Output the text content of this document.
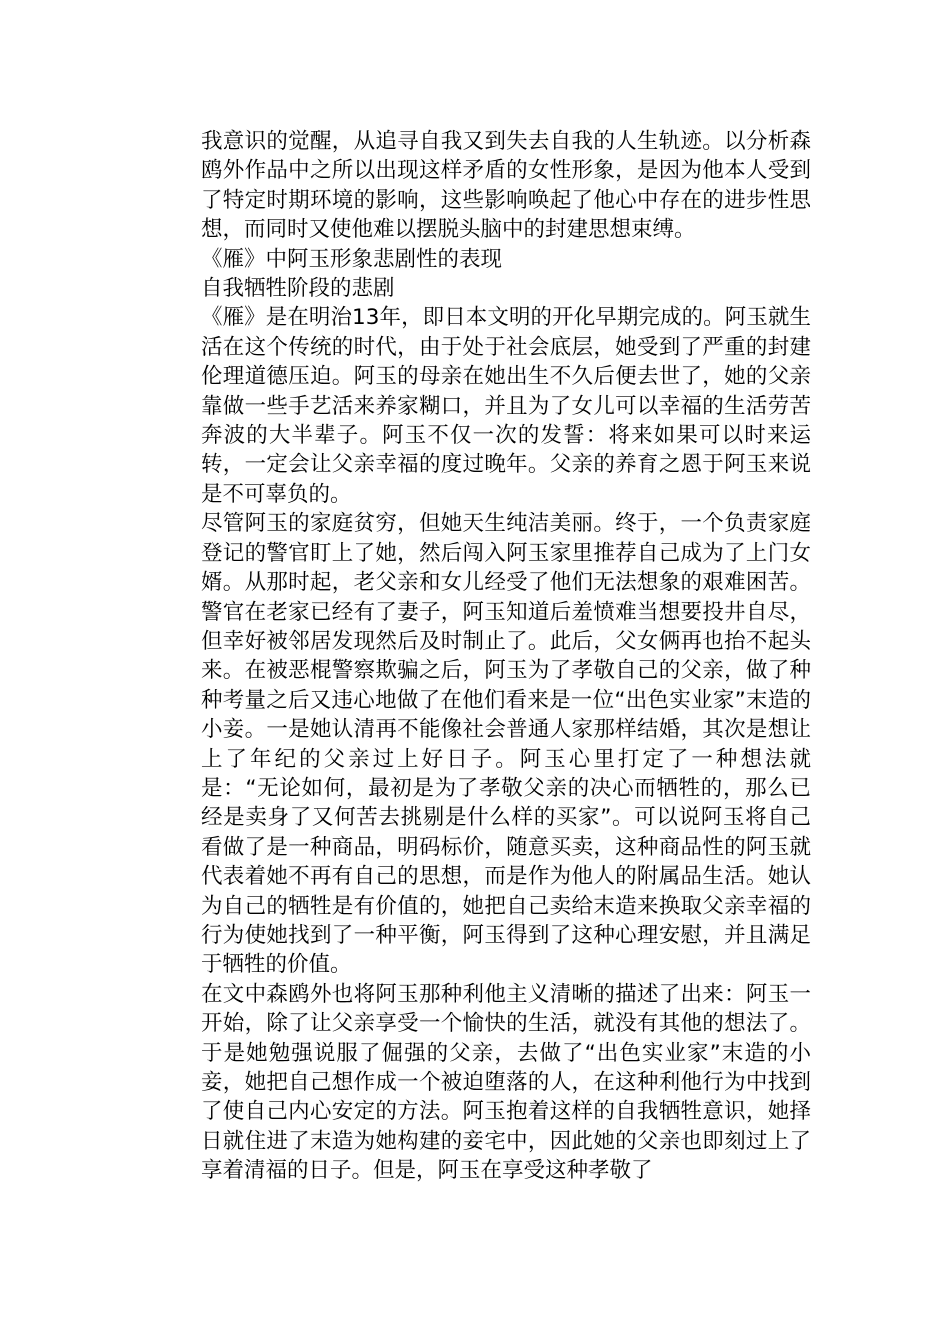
我意识的觉醒，从追寻自我又到失去自我的人生轨迹。以分析森鸥外作品中之所以出现这样矛盾的女性形象，是因为他本人受到了特定时期环境的影响，这些影响唤起了他心中存在的进步性思想，而同时又使他难以摆脱头脑中的封建思想束缚。

《雁》中阿玉形象悲剧性的表现

自我牺牲阶段的悲剧

《雁》是在明治13年，即日本文明的开化早期完成的。阿玉就生活在这个传统的时代，由于处于社会底层，她受到了严重的封建伦理道德压迫。阿玉的母亲在她出生不久后便去世了，她的父亲靠做一些手艺活来养家糊口，并且为了女儿可以幸福的生活劳苦奔波的大半辈子。阿玉不仅一次的发誓：将来如果可以时来运转，一定会让父亲幸福的度过晚年。父亲的养育之恩于阿玉来说是不可辜负的。

尽管阿玉的家庭贫穷，但她天生纯洁美丽。终于，一个负责家庭登记的警官盯上了她，然后闯入阿玉家里推荐自己成为了上门女婿。从那时起，老父亲和女儿经受了他们无法想象的艰难困苦。警官在老家已经有了妻子，阿玉知道后羞愤难当想要投井自尽，但幸好被邻居发现然后及时制止了。此后，父女俩再也抬不起头来。在被恶棍警察欺骗之后，阿玉为了孝敬自己的父亲，做了种种考量之后又违心地做了在他们看来是一位“出色实业家”末造的小妾。一是她认清再不能像社会普通人家那样结婚，其次是想让上了年纪的父亲过上好日子。阿玉心里打定了一种想法就是：“无论如何，最初是为了孝敬父亲的决心而牺牲的，那么已经是卖身了又何苦去挑剔是什么样的买家”。可以说阿玉将自己看做了是一种商品，明码标价，随意买卖，这种商品性的阿玉就代表着她不再有自己的思想，而是作为他人的附属品生活。她认为自己的牺牲是有价值的，她把自己卖给末造来换取父亲幸福的行为使她找到了一种平衡，阿玉得到了这种心理安慰，并且满足于牺牲的价值。

在文中森鸥外也将阿玉那种利他主义清晰的描述了出来：阿玉一开始，除了让父亲享受一个愉快的生活，就没有其他的想法了。于是她勉强说服了倔强的父亲，去做了“出色实业家”末造的小妾，她把自己想作成一个被迫堕落的人，在这种利他行为中找到了使自己内心安定的方法。阿玉抱着这样的自我牺牲意识，她择日就住进了末造为她构建的妾宅中，因此她的父亲也即刻过上了享着清福的日子。但是，阿玉在享受这种孝敬了
